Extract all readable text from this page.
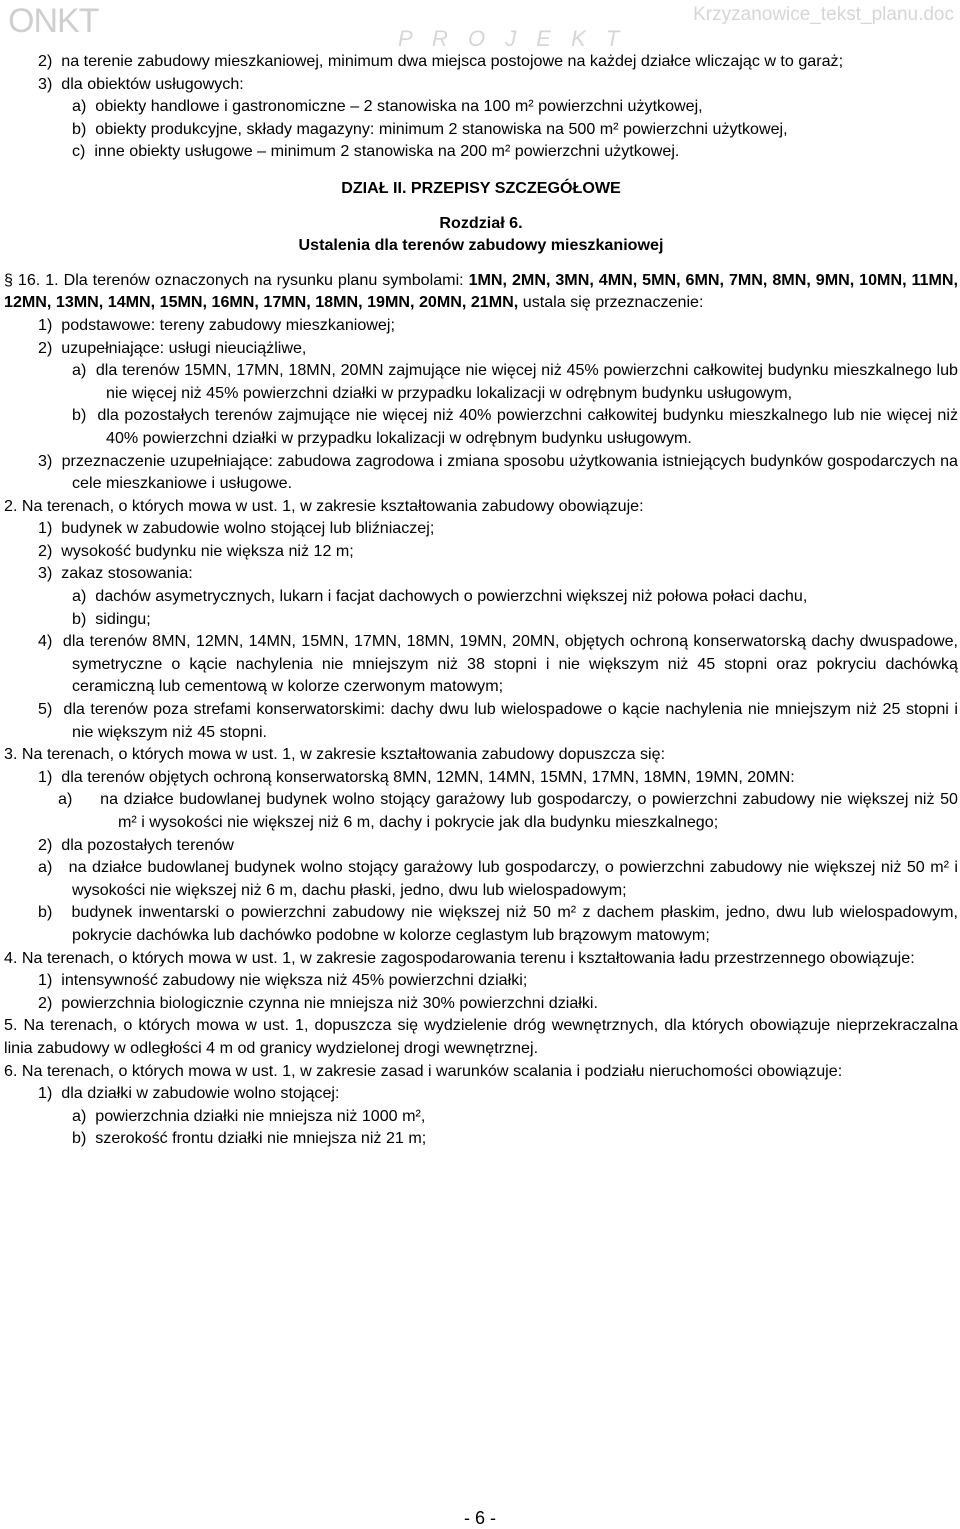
ONKT	P R O J E K T
Krzyzanowice_tekst_planu.doc

2)  na terenie zabudowy mieszkaniowej, minimum dwa miejsca postojowe na każdej działce wliczając w to garaż;

3)  dla obiektów usługowych:

a)  obiekty handlowe i gastronomiczne – 2 stanowiska na 100 m² powierzchni użytkowej,

b)  obiekty produkcyjne, składy magazyny: minimum 2 stanowiska na 500 m² powierzchni użytkowej,

c)  inne obiekty usługowe – minimum 2 stanowiska na 200 m² powierzchni użytkowej.

DZIAŁ II. PRZEPISY SZCZEGÓŁOWE

Rozdział 6.

Ustalenia dla terenów zabudowy mieszkaniowej

§ 16. 1. Dla terenów oznaczonych na rysunku planu symbolami: 1MN, 2MN, 3MN, 4MN, 5MN, 6MN, 7MN, 8MN, 9MN, 10MN, 11MN, 12MN, 13MN, 14MN, 15MN, 16MN, 17MN, 18MN, 19MN, 20MN, 21MN, ustala się przeznaczenie:

1)  podstawowe: tereny zabudowy mieszkaniowej;

2)  uzupełniające: usługi nieuciążliwe,

a)  dla terenów 15MN, 17MN, 18MN, 20MN zajmujące nie więcej niż 45% powierzchni całkowitej budynku mieszkalnego lub nie więcej niż 45% powierzchni działki w przypadku lokalizacji w odrębnym budynku usługowym,

b)  dla pozostałych terenów zajmujące nie więcej niż 40% powierzchni całkowitej budynku mieszkalnego lub nie więcej niż 40% powierzchni działki w przypadku lokalizacji w odrębnym budynku usługowym.

3)  przeznaczenie uzupełniające: zabudowa zagrodowa i zmiana sposobu użytkowania istniejących budynków gospodarczych na cele mieszkaniowe i usługowe.

2. Na terenach, o których mowa w ust. 1, w zakresie kształtowania zabudowy obowiązuje:

1)  budynek w zabudowie wolno stojącej lub bliźniaczej;

2)  wysokość budynku nie większa niż 12 m;

3)  zakaz stosowania:

a)  dachów asymetrycznych, lukarn i facjat dachowych o powierzchni większej niż połowa połaci dachu,

b)  sidingu;

4)  dla terenów 8MN, 12MN, 14MN, 15MN, 17MN, 18MN, 19MN, 20MN, objętych ochroną konserwatorską dachy dwuspadowe, symetryczne o kącie nachylenia nie mniejszym niż 38 stopni i nie większym niż 45 stopni oraz pokryciu dachówką ceramiczną lub cementową w kolorze czerwonym matowym;

5)  dla terenów poza strefami konserwatorskimi: dachy dwu lub wielospadowe o kącie nachylenia nie mniejszym niż 25 stopni i nie większym niż 45 stopni.

3. Na terenach, o których mowa w ust. 1, w zakresie kształtowania zabudowy dopuszcza się:

1)  dla terenów objętych ochroną konserwatorską 8MN, 12MN, 14MN, 15MN, 17MN, 18MN, 19MN, 20MN:

a)     na działce budowlanej budynek wolno stojący garażowy lub gospodarczy, o powierzchni zabudowy nie większej niż 50 m² i wysokości nie większej niż 6 m, dachy i pokrycie jak dla budynku mieszkalnego;

2)  dla pozostałych terenów

a)   na działce budowlanej budynek wolno stojący garażowy lub gospodarczy, o powierzchni zabudowy nie większej niż 50 m² i wysokości nie większej niż 6 m, dachu płaski, jedno, dwu lub wielospadowym;

b)   budynek inwentarski o powierzchni zabudowy nie większej niż 50 m² z dachem płaskim, jedno, dwu lub wielospadowym, pokrycie dachówka lub dachówko podobne w kolorze ceglastym lub brązowym matowym;

4. Na terenach, o których mowa w ust. 1, w zakresie zagospodarowania terenu i kształtowania ładu przestrzennego obowiązuje:

1)  intensywność zabudowy nie większa niż 45% powierzchni działki;

2)  powierzchnia biologicznie czynna nie mniejsza niż 30% powierzchni działki.

5. Na terenach, o których mowa w ust. 1, dopuszcza się wydzielenie dróg wewnętrznych, dla których obowiązuje nieprzekraczalna linia zabudowy w odległości 4 m od granicy wydzielonej drogi wewnętrznej.

6. Na terenach, o których mowa w ust. 1, w zakresie zasad i warunków scalania i podziału nieruchomości obowiązuje:

1)  dla działki w zabudowie wolno stojącej:

a)  powierzchnia działki nie mniejsza niż 1000 m²,

b)  szerokość frontu działki nie mniejsza niż 21 m;

- 6 -
